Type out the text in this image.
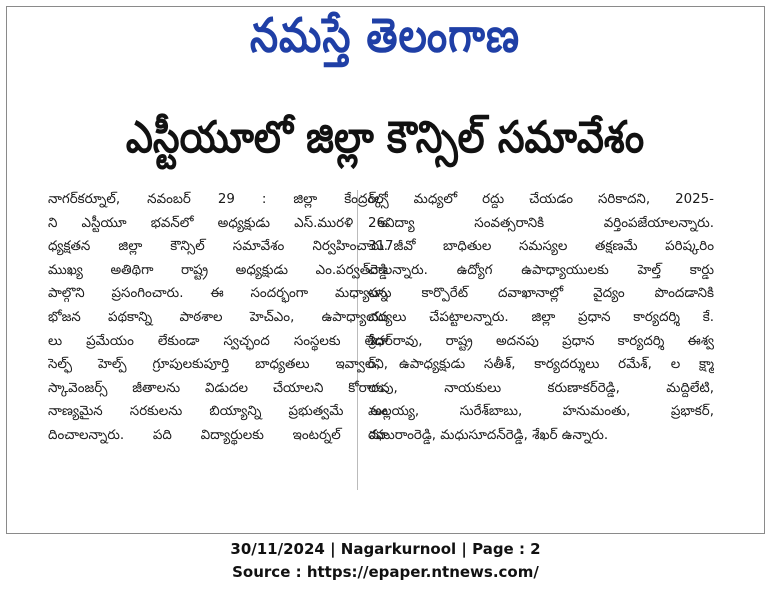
నమస్తే తెలంగాణ
ఎస్టీయూలో జిల్లా కౌన్సిల్ సమావేశం
నాగర్‌కర్నూల్, నవంబర్ 29 : జిల్లా కేంద్రంలో
ని ఎస్టీయూ భవన్‌లో అధ్యక్షుడు ఎస్.మురళి అ
ధ్యక్షతన జిల్లా కౌన్సిల్ సమావేశం నిర్వహించారు.
ముఖ్య అతిథిగా రాష్ట్ర అధ్యక్షుడు ఎం.పర్వత్‌రెడ్డి
పాల్గొని ప్రసంగించారు. ఈ సందర్భంగా మధ్యాహ్న
భోజన పథకాన్ని పాఠశాల హెచ్‌ఎం, ఉపాధ్యాయు
లు ప్రమేయం లేకుండా స్వచ్ఛంద సంస్థలకు లేదా
సెల్ఫ్ హెల్ప్ గ్రూపులకుపూర్తి బాధ్యతలు ఇవ్వాలని,
స్కావెంజర్స్ జీతాలను విడుదల చేయాలని కోరారు.
నాణ్యమైన సరకులను బియ్యాన్ని ప్రభుత్వమే అం
దించాలన్నారు. పది విద్యార్థులకు ఇంటర్నల్ మా
ర్క్స్ మధ్యలో రద్దు చేయడం సరికాదని, 2025-
26విద్యా సంవత్సరానికి వర్తింపజేయాలన్నారు.
317జీవో బాధితుల సమస్యల తక్షణమే పరిష్కరిం
చాలన్నారు. ఉద్యోగ ఉపాధ్యాయులకు హెల్త్ కార్డు
లను కార్పొరేట్ దవాఖానాల్లో వైద్యం పొందడానికి
చర్యలు చేపట్టాలన్నారు. జిల్లా ప్రధాన కార్యదర్శి కే.
శ్రీధర్‌రావు, రాష్ట్ర అదనపు ప్రధాన కార్యదర్శి ఈశ్వ
ర్, ఉపాధ్యక్షుడు సతీశ్, కార్యదర్శులు రమేశ్, ల క్ష్మా
రావు, నాయకులు కరుణాకర్‌రెడ్డి, మద్దిలేటి,
మల్లయ్య, సురేశ్‌బాబు, హనుమంతు, ప్రభాకర్,
రఘురాంరెడ్డి, మధుసూదన్‌రెడ్డి, శేఖర్ ఉన్నారు.
30/11/2024 | Nagarkurnool | Page : 2
Source : https://epaper.ntnews.com/
